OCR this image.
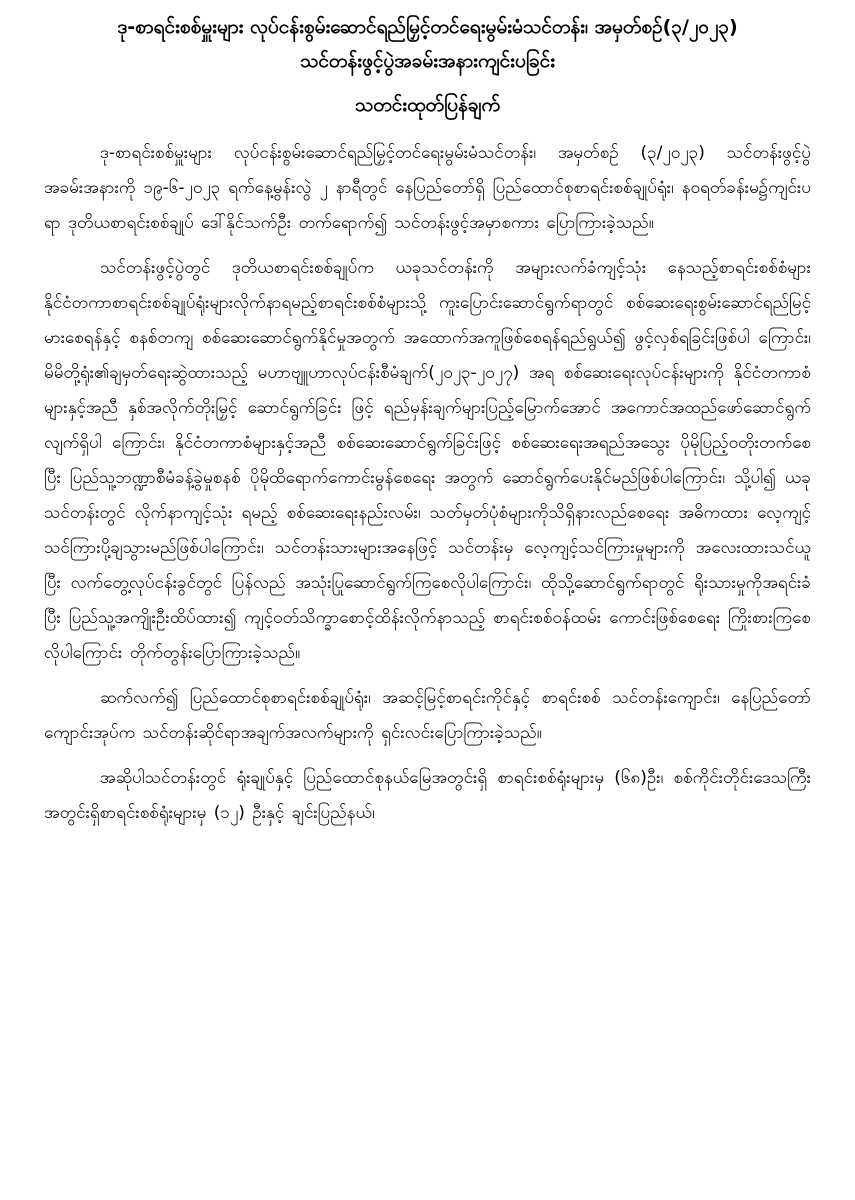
ဒု-စာရင်းစစ်မှူးများ လုပ်ငန်းစွမ်းဆောင်ရည်မြှင့်တင်ရေးမွမ်းမံသင်တန်း၊ အမှတ်စဉ်(၃/၂၀၂၃)

သင်တန်းဖွင့်ပွဲအခမ်းအနားကျင်းပခြင်း

သတင်းထုတ်ပြန်ချက်

ဒု-စာရင်းစစ်မှူးများ လုပ်ငန်းစွမ်းဆောင်ရည်မြှင့်တင်ရေးမွမ်းမံသင်တန်း၊ အမှတ်စဉ် (၃/၂၀၂၃) သင်တန်းဖွင့်ပွဲအခမ်းအနားကို ၁၉-၆-၂၀၂၃ ရက်နေ့မွန်းလွဲ ၂ နာရီတွင် နေပြည်တော်ရှိ ပြည်ထောင်စုစာရင်းစစ်ချုပ်ရုံး၊ နဝရတ်ခန်းမ၌ကျင်းပရာ ဒုတိယစာရင်းစစ်ချုပ် ဒေါ်နိုင်သက်ဦး တက်ရောက်၍ သင်တန်းဖွင့်အမှာစကား ပြောကြားခဲ့သည်။

သင်တန်းဖွင့်ပွဲတွင် ဒုတိယစာရင်းစစ်ချုပ်က ယခုသင်တန်းကို အများလက်ခံကျင့်သုံး နေသည့်စာရင်းစစ်စံများ နိုင်ငံတကာစာရင်းစစ်ချုပ်ရုံးများလိုက်နာရမည့်စာရင်းစစ်စံများသို့ ကူးပြောင်းဆောင်ရွက်ရာတွင် စစ်ဆေးရေးစွမ်းဆောင်ရည်မြင့်မားစေရန်နှင့် စနစ်တကျ စစ်ဆေးဆောင်ရွက်နိုင်မှုအတွက် အထောက်အကူဖြစ်စေရန်ရည်ရွယ်၍ ဖွင့်လှစ်ရခြင်းဖြစ်ပါ ကြောင်း၊ မိမိတို့ရုံး၏ချမှတ်ရေးဆွဲထားသည့် မဟာဗျူဟာလုပ်ငန်းစီမံချက်(၂၀၂၃-၂၀၂၇) အရ စစ်ဆေးရေးလုပ်ငန်းများကို နိုင်ငံတကာစံများနှင့်အညီ နှစ်အလိုက်တိုးမြှင့် ဆောင်ရွက်ခြင်း ဖြင့် ရည်မှန်းချက်များပြည့်မြောက်အောင် အကောင်အထည်ဖော်ဆောင်ရွက်လျက်ရှိပါ ကြောင်း၊ နိုင်ငံတကာစံများနှင့်အညီ စစ်ဆေးဆောင်ရွက်ခြင်းဖြင့် စစ်ဆေးရေးအရည်အသွေး ပိုမိုပြည့်ဝတိုးတက်စေပြီး ပြည်သူ့ဘဏ္ဍာစီမံခန့်ခွဲမှုစနစ် ပိုမိုထိရောက်ကောင်းမွန်စေရေး အတွက် ဆောင်ရွက်ပေးနိုင်မည်ဖြစ်ပါကြောင်း၊ သို့ပါ၍ ယခုသင်တန်းတွင် လိုက်နာကျင့်သုံး ရမည့် စစ်ဆေးရေးနည်းလမ်း၊ သတ်မှတ်ပုံစံများကိုသိရှိနားလည်စေရေး အဓိကထား လေ့ကျင့်သင်ကြားပို့ချသွားမည်ဖြစ်ပါကြောင်း၊ သင်တန်းသားများအနေဖြင့် သင်တန်းမှ လေ့ကျင့်သင်ကြားမှုများကို အလေးထားသင်ယူပြီး လက်တွေ့လုပ်ငန်းခွင်တွင် ပြန်လည် အသုံးပြုဆောင်ရွက်ကြစေလိုပါကြောင်း၊ ထိုသို့ဆောင်ရွက်ရာတွင် ရိုးသားမှုကိုအရင်းခံပြီး ပြည်သူ့အကျိုးဦးထိပ်ထား၍ ကျင့်ဝတ်သိက္ခာစောင့်ထိန်းလိုက်နာသည့် စာရင်းစစ်ဝန်ထမ်း ကောင်းဖြစ်စေရေး ကြိုးစားကြစေလိုပါကြောင်း တိုက်တွန်းပြောကြားခဲ့သည်။

ဆက်လက်၍ ပြည်ထောင်စုစာရင်းစစ်ချုပ်ရုံး၊ အဆင့်မြင့်စာရင်းကိုင်နှင့် စာရင်းစစ် သင်တန်းကျောင်း၊ နေပြည်တော်ကျောင်းအုပ်က သင်တန်းဆိုင်ရာအချက်အလက်များကို ရှင်းလင်းပြောကြားခဲ့သည်။

အဆိုပါသင်တန်းတွင် ရုံးချုပ်နှင့် ပြည်ထောင်စုနယ်မြေအတွင်းရှိ စာရင်းစစ်ရုံးများမှ (၆၈)ဦး၊ စစ်ကိုင်းတိုင်းဒေသကြီးအတွင်းရှိစာရင်းစစ်ရုံးများမှ (၁၂) ဦးနှင့် ချင်းပြည်နယ်၊
